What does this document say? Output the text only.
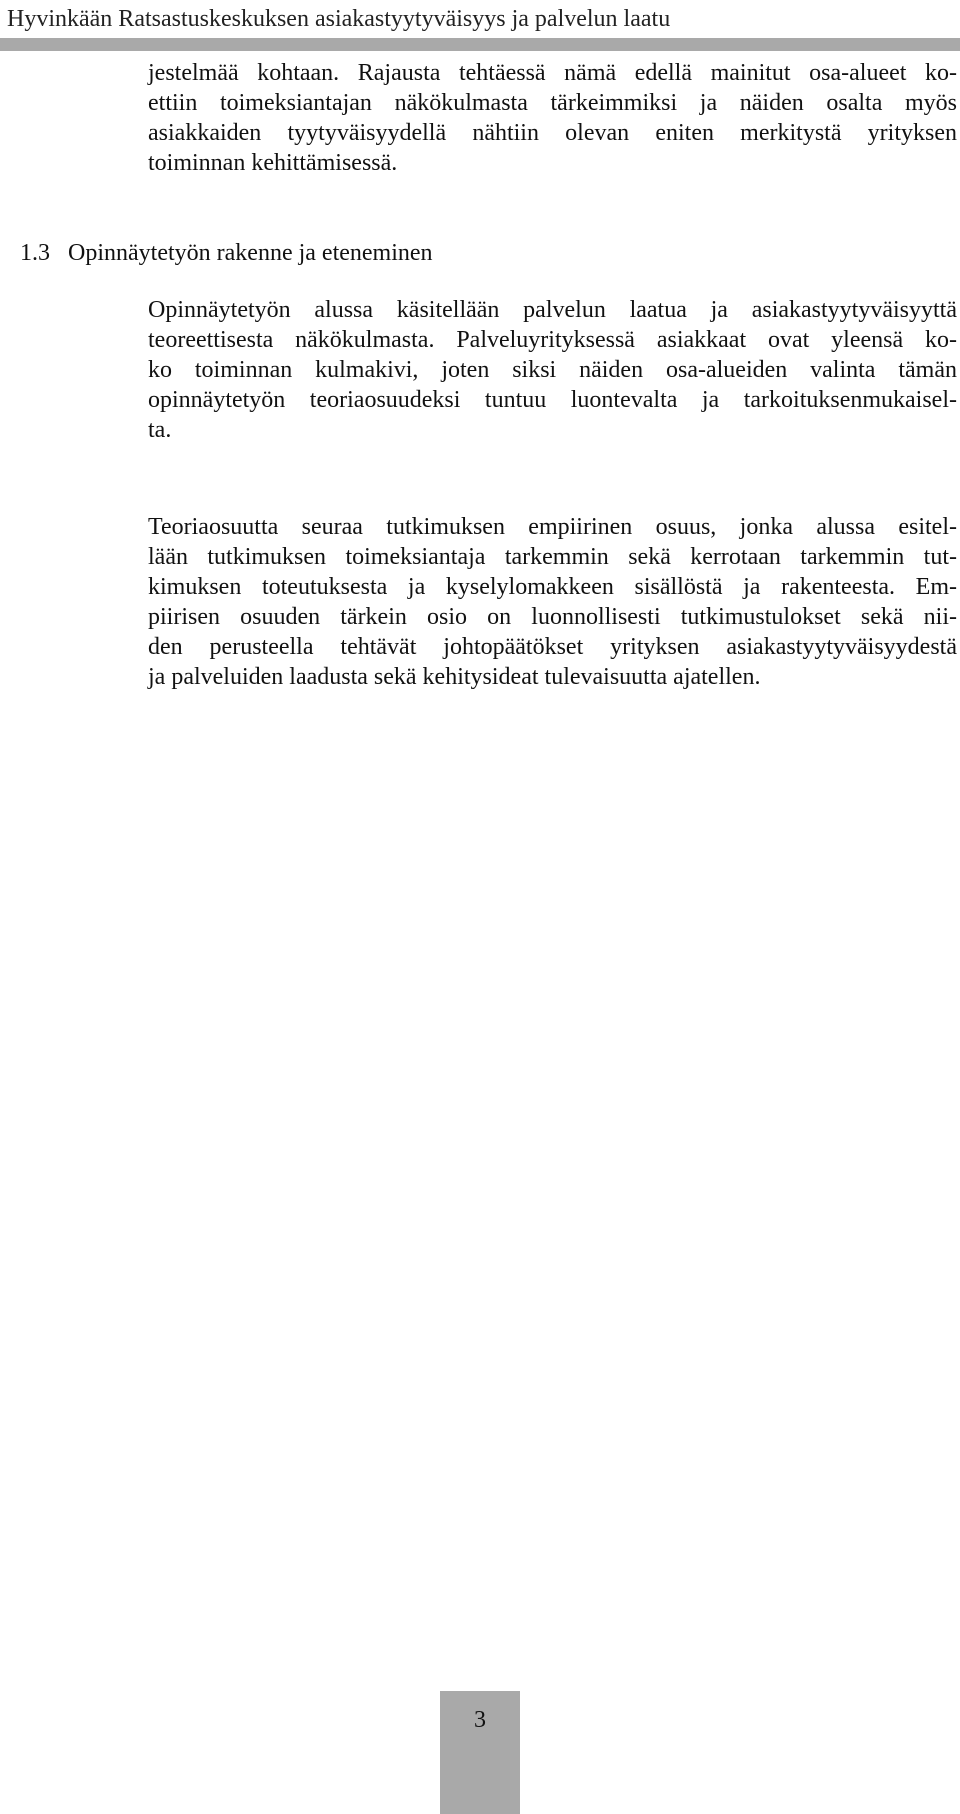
Hyvinkään Ratsastuskeskuksen asiakastyytyväisyys ja palvelun laatu
jestelmää kohtaan. Rajausta tehtäessä nämä edellä mainitut osa-alueet ko-
ettiin toimeksiantajan näkökulmasta tärkeimmiksi ja näiden osalta myös
asiakkaiden tyytyväisyydellä nähtiin olevan eniten merkitystä yrityksen
toiminnan kehittämisessä.
1.3 Opinnäytetyön rakenne ja eteneminen
Opinnäytetyön alussa käsitellään palvelun laatua ja asiakastyytyväisyyttä
teoreettisesta näkökulmasta. Palveluyrityksessä asiakkaat ovat yleensä ko-
ko toiminnan kulmakivi, joten siksi näiden osa-alueiden valinta tämän
opinnäytetyön teoriaosuudeksi tuntuu luontevalta ja tarkoituksenmukaisel-
ta.
Teoriaosuutta seuraa tutkimuksen empiirinen osuus, jonka alussa esitel-
lään tutkimuksen toimeksiantaja tarkemmin sekä kerrotaan tarkemmin tut-
kimuksen toteutuksesta ja kyselylomakkeen sisällöstä ja rakenteesta. Em-
piirisen osuuden tärkein osio on luonnollisesti tutkimustulokset sekä nii-
den perusteella tehtävät johtopäätökset yrityksen asiakastyytyväisyydestä
ja palveluiden laadusta sekä kehitysideat tulevaisuutta ajatellen.
3
